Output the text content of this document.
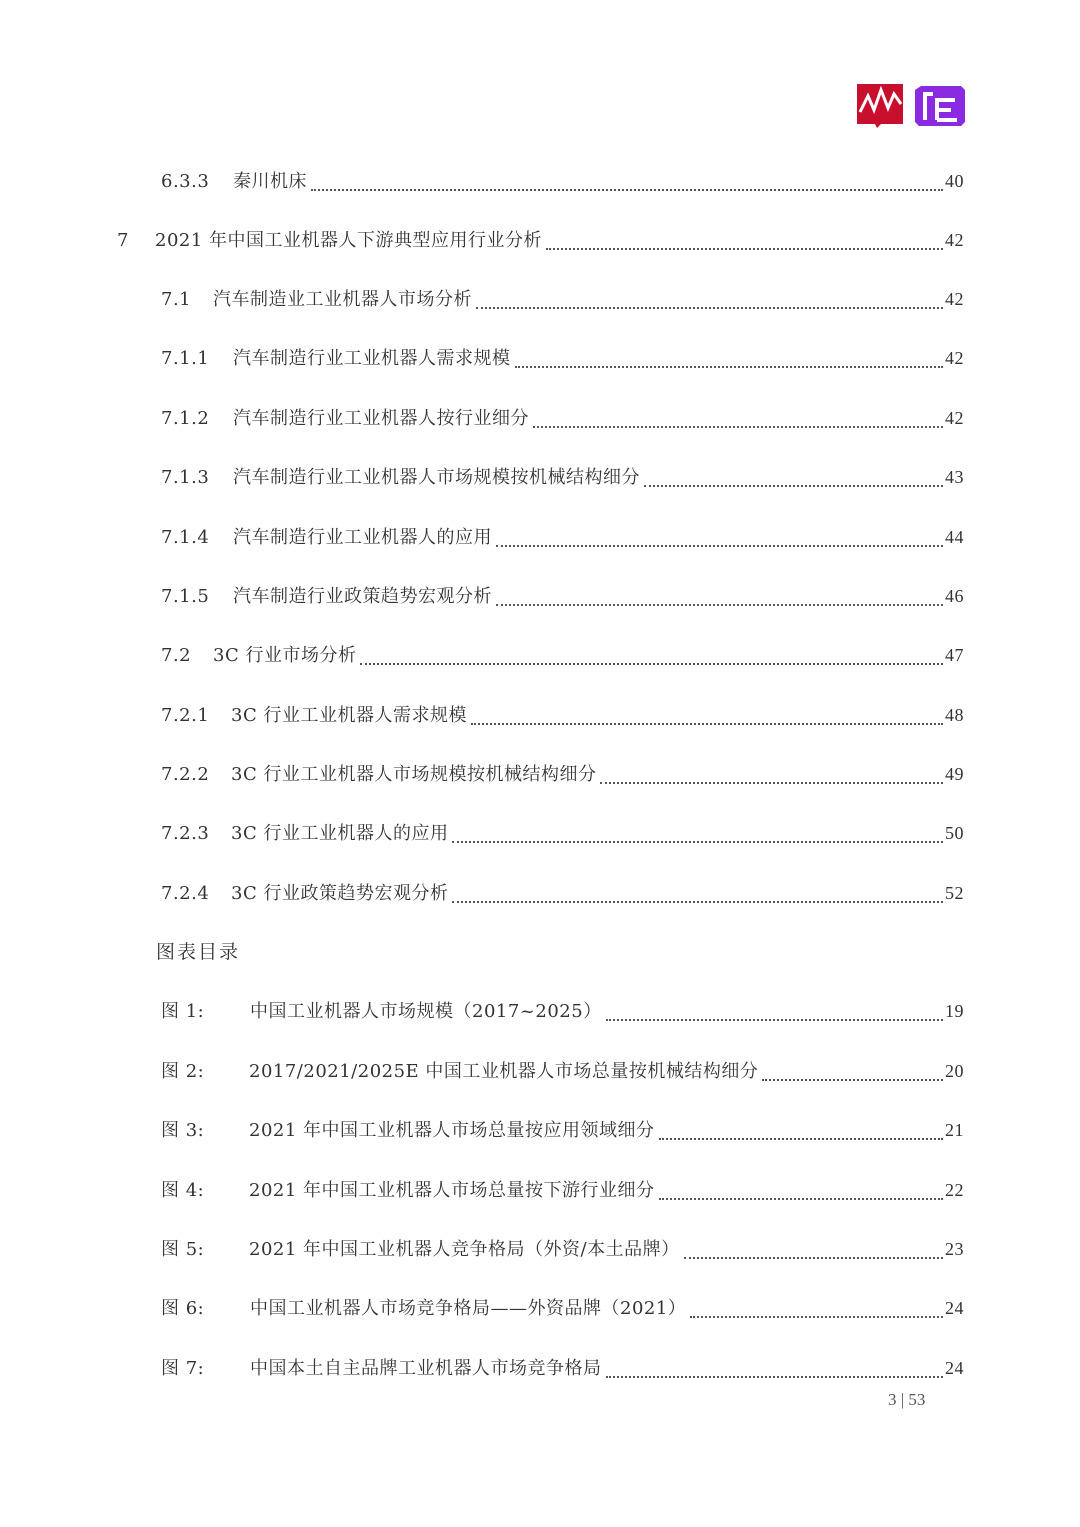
6.3.3	秦川机床	40
7	2021 年中国工业机器人下游典型应用行业分析	42
7.1	汽车制造业工业机器人市场分析	42
7.1.1	汽车制造行业工业机器人需求规模	42
7.1.2	汽车制造行业工业机器人按行业细分	42
7.1.3	汽车制造行业工业机器人市场规模按机械结构细分	43
7.1.4	汽车制造行业工业机器人的应用	44
7.1.5	汽车制造行业政策趋势宏观分析	46
7.2	3C 行业市场分析	47
7.2.1	3C 行业工业机器人需求规模	48
7.2.2	3C 行业工业机器人市场规模按机械结构细分	49
7.2.3	3C 行业工业机器人的应用	50
7.2.4	3C 行业政策趋势宏观分析	52
图表目录
图 1:	中国工业机器人市场规模（2017~2025）	19
图 2:	2017/2021/2025E 中国工业机器人市场总量按机械结构细分	20
图 3:	2021 年中国工业机器人市场总量按应用领域细分	21
图 4:	2021 年中国工业机器人市场总量按下游行业细分	22
图 5:	2021 年中国工业机器人竞争格局（外资/本土品牌）	23
图 6:	中国工业机器人市场竞争格局——外资品牌（2021）	24
图 7:	中国本土自主品牌工业机器人市场竞争格局	24
3 | 53
